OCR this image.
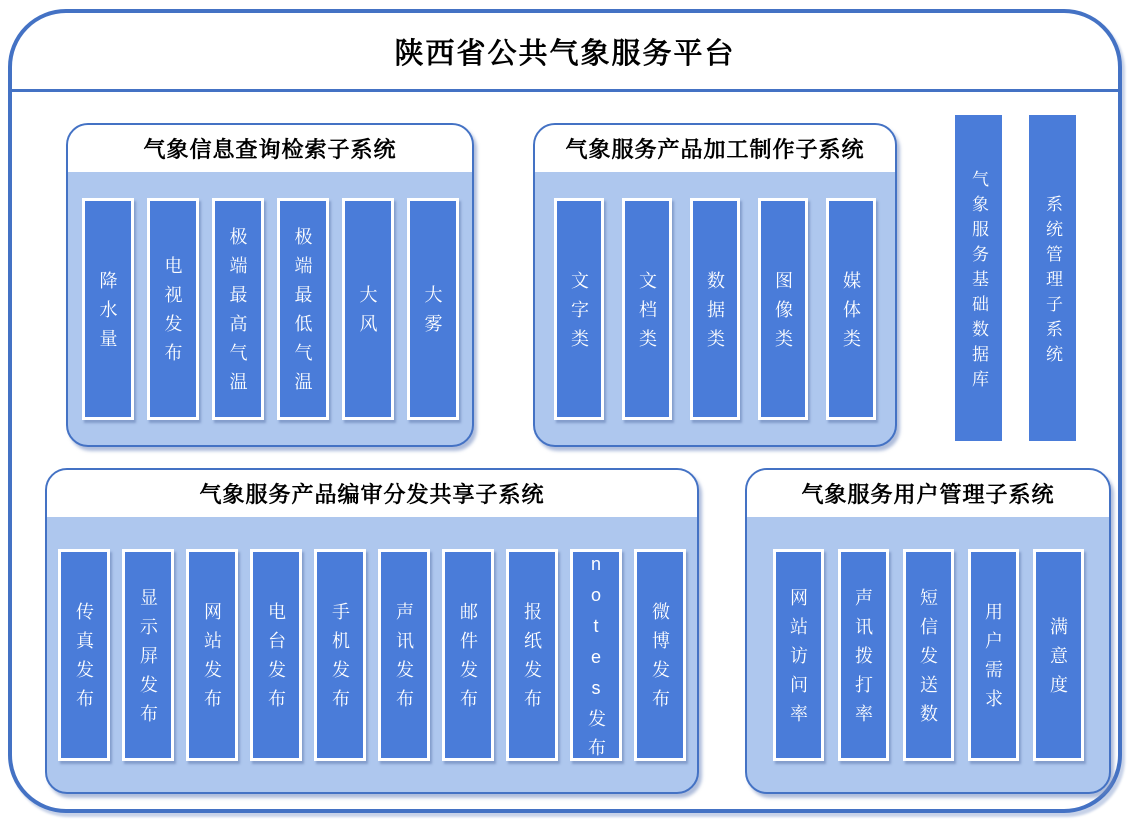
陕西省公共气象服务平台
气象信息查询检索子系统
降水量	电视发布	极端最高气温	极端最低气温	大风	大雾
气象服务产品加工制作子系统
文字类	文档类	数据类	图像类	媒体类
气象服务产品编审分发共享子系统
传真发布 显示屏发布 网站发布 电台发布 手机发布 声讯发布 邮件发布 报纸发布 notes发布 微博发布
气象服务用户管理子系统
网站访问率	声讯拨打率	短信发送数	用户需求	满意度
气象服务基础数据库	系统管理子系统
